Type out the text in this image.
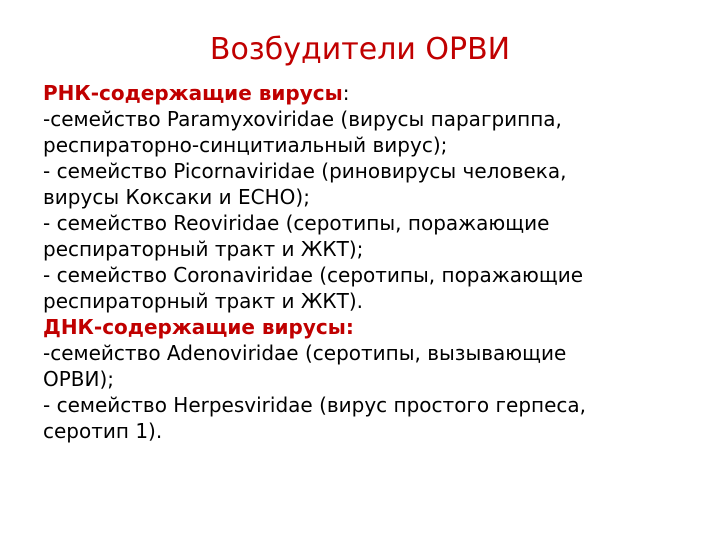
Возбудители ОРВИ
РНК-содержащие вирусы:
-семейство Paramyxoviridae (вирусы парагриппа,
респираторно-синцитиальный вирус);
- семейство Picornaviridae (риновирусы человека,
вирусы Коксаки и ЕСНО);
- семейство Reoviridae (серотипы, поражающие
респираторный тракт и ЖКТ);
- семейство Coronaviridae (серотипы, поражающие
респираторный тракт и ЖКТ).
ДНК-содержащие вирусы:
-семейство Adenoviridae (серотипы, вызывающие
ОРВИ);
- семейство Herpesviridae (вирус простого герпеса,
серотип 1).
